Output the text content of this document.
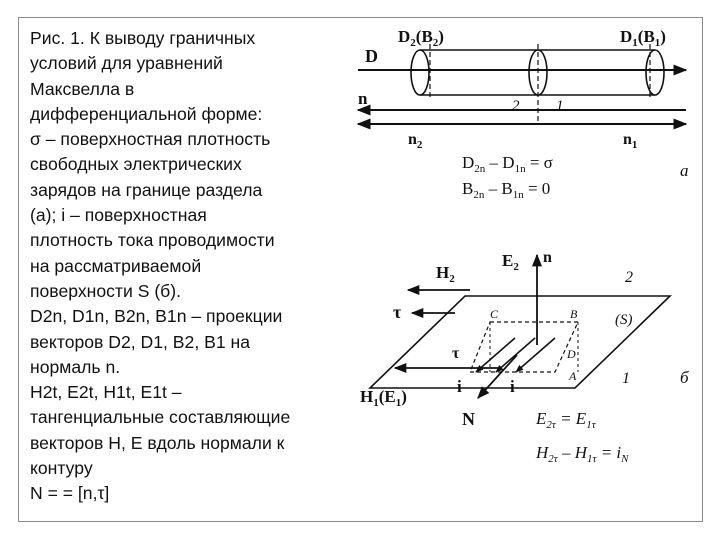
Рис. 1. К выводу граничных
условий для уравнений
Максвелла в
дифференциальной форме:
σ – поверхностная плотность
свободных электрических
зарядов на границе раздела
(а); i – поверхностная
плотность тока проводимости
на рассматриваемой
поверхности S (б).
D2n, D1n, B2n, B1n – проекции
векторов D2, D1, B2, B1 на
нормаль n.
H2t, E2t, H1t, E1t –
тангенциальные составляющие
векторов H, E вдоль нормали к
контуру
N = = [n,τ]
$D_2(B_2)$	$D_1(B_1)$
D
n	2 1
$n_2$	$n_1$
$D_{2n} - D_{1n} = \sigma$
$B_{2n} - B_{1n} = 0$
а
$E_2$
n
$H_2$	2
τ	C	B	(S)
τ	D
A	1	б
$H_1(E_1)$
i	i
N	$E_{2\tau} = E_{1\tau}$
$H_{2\tau} - H_{1\tau} = i_N$
